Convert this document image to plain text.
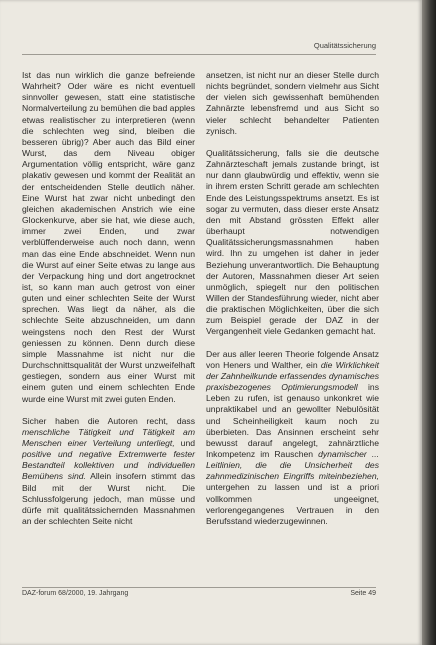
Qualitätssicherung

Ist das nun wirklich die ganze befreiende Wahrheit? Oder wäre es nicht eventuell sinnvoller gewesen, statt eine statistische Normalverteilung zu bemühen die bad apples etwas realistischer zu interpretieren (wenn die schlechten weg sind, bleiben die besseren übrig)? Aber auch das Bild einer Wurst, das dem Niveau obiger Argumentation völlig entspricht, wäre ganz plakativ gewesen und kommt der Realität an der entscheidenden Stelle deutlich näher. Eine Wurst hat zwar nicht unbedingt den gleichen akademischen Anstrich wie eine Glockenkurve, aber sie hat, wie diese auch, immer zwei Enden, und zwar verblüffenderweise auch noch dann, wenn man das eine Ende abschneidet. Wenn nun die Wurst auf einer Seite etwas zu lange aus der Verpackung hing und dort angetrocknet ist, so kann man auch getrost von einer guten und einer schlechten Seite der Wurst sprechen. Was liegt da näher, als die schlechte Seite abzuschneiden, um dann weingstens noch den Rest der Wurst geniessen zu können. Denn durch diese simple Massnahme ist nicht nur die Durchschnittsqualität der Wurst unzweifelhaft gestiegen, sondern aus einer Wurst mit einem guten und einem schlechten Ende wurde eine Wurst mit zwei guten Enden.

Sicher haben die Autoren recht, dass menschliche Tätigkeit und Tätigkeit am Menschen einer Verteilung unterliegt, und positive und negative Extremwerte fester Bestandteil kollektiven und individuellen Bemühens sind. Allein insofern stimmt das Bild mit der Wurst nicht. Die Schlussfolgerung jedoch, man müsse und dürfe mit qualitätssichernden Massnahmen an der schlechten Seite nicht

ansetzen, ist nicht nur an dieser Stelle durch nichts begründet, sondern vielmehr aus Sicht der vielen sich gewissenhaft bemühenden Zahnärzte lebensfremd und aus Sicht so vieler schlecht behandelter Patienten zynisch.

Qualitätssicherung, falls sie die deutsche Zahnärzteschaft jemals zustande bringt, ist nur dann glaubwürdig und effektiv, wenn sie in ihrem ersten Schritt gerade am schlechten Ende des Leistungsspektrums ansetzt. Es ist sogar zu vermuten, dass dieser erste Ansatz den mit Abstand grössten Effekt aller überhaupt notwendigen Qualitätssicherungsmassnahmen haben wird. Ihn zu umgehen ist daher in jeder Beziehung unverantwortlich. Die Behauptung der Autoren, Massnahmen dieser Art seien unmöglich, spiegelt nur den politischen Willen der Standesführung wieder, nicht aber die praktischen Möglichkeiten, über die sich zum Beispiel gerade der DAZ in der Vergangenheit viele Gedanken gemacht hat.

Der aus aller leeren Theorie folgende Ansatz von Heners und Walther, ein die Wirklichkeit der Zahnheilkunde erfassendes dynamisches praxisbezogenes Optimierungsmodell ins Leben zu rufen, ist genauso unkonkret wie unpraktikabel und an gewollter Nebulösität und Scheinheiligkeit kaum noch zu überbieten. Das Ansinnen erscheint sehr bewusst darauf angelegt, zahnärztliche Inkompetenz im Rauschen dynamischer ... Leitlinien, die die Unsicherheit des zahnmedizinischen Eingriffs miteinbeziehen, untergehen zu lassen und ist a priori vollkommen ungeeignet, verlorengegangenes Vertrauen in den Berufsstand wiederzugewinnen.

DAZ-forum 68/2000, 19. Jahrgang	Seite 49
